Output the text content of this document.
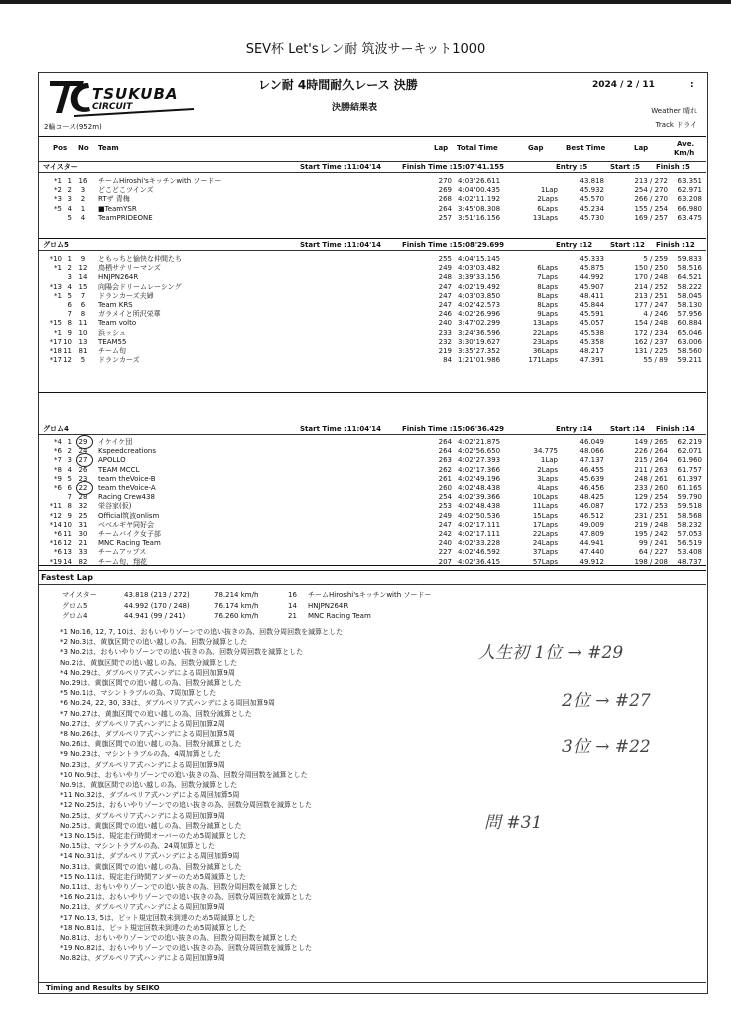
SEV杯 Let'sレン耐 筑波サーキット1000
TSUKUBA
CIRCUIT
2輪コース(952m)
レン耐 4時間耐久レース 決勝
決勝結果表
2024 / 2 / 11	:
Weather 晴れ
Track ドライ
Pos No Team	Lap Total Time	Gap	Best Time	Lap	Ave.
Km/h
マイスター	Start Time :11:04'14	Finish Time :15:07'41.155	Entry :5	Start :5 Finish :5
*1 1 16	チームHiroshi'sキッチンwith ソードー	270 4:03'26.611	43.818	213 / 272	63.351
*2 2	3	どこどこツインズ	269 4:04'00.435	1Lap	45.932	254 / 270	62.971
*3 3	2	RTザ 青梅	268 4:02'11.192	2Laps	45.570	266 / 270	63.208
*5 4	1	■TeamYSR	264 3:45'08.308	6Laps	45.234	155 / 254	66.980
5	4	TeamPRIDEONE	257 3:51'16.156	13Laps	45.730	169 / 257	63.475
グロム5	Start Time :11:04'14	Finish Time :15:08'29.699	Entry :12	Start :12 Finish :12
*10 1	9	ともっちと愉快な仲間たち	255 4:04'15.145	45.333	5 / 259	59.833
*1 2 12	鳥栖サテリーマンズ	249 4:03'03.482	6Laps	45.875	150 / 250	58.516
3 14	HNJPN264R	248 3:39'33.156	7Laps	44.992	170 / 248	64.521
*13 4 15	向陽会ドリームレーシング	247 4:02'19.492	8Laps	45.907	214 / 252	58.222
*1 5	7	ドランカーズ夫婦	247 4:03'03.850	8Laps	48.411	213 / 251	58.045
6	6	Team KRS	247 4:02'42.573	8Laps	45.844	177 / 247	58.130
7	8	ガラメイと所沢栄華	246 4:02'26.996	9Laps	45.591	4 / 246	57.956
*15 8 11	Team volto	240 3:47'02.299	13Laps	45.057	154 / 248	60.884
*1 9 10	浜ッシュ	233 3:24'36.596	22Laps	45.538	172 / 234	65.046
*17 10 13	TEAM55	232 3:30'19.627	23Laps	45.358	162 / 237	63.006
*18 11 81	チーム旬	219 3:35'27.352	36Laps	48.217	131 / 225	58.560
*17 12	5	ドランカーズ	84 1:21'01.986	171Laps	47.391	55 / 89	59.211
グロム4	Start Time :11:04'14	Finish Time :15:06'36.429	Entry :14	Start :14 Finish :14
*4 1 29	イケイケ団	264 4:02'21.875	46.049	149 / 265	62.219
*6 2 24	Kspeedcreations	264 4:02'56.650	34.775	48.066	226 / 264	62.071
*7 3 27	APOLLO	263 4:02'27.393	1Lap	47.137	215 / 264	61.960
*8 4 26	TEAM MCCL	262 4:02'17.366	2Laps	46.455	211 / 263	61.757
*9 5 23	team theVoice-B	261 4:02'49.196	3Laps	45.639	248 / 261	61.397
*6 6 22	team theVoice-A	260 4:02'48.438	4Laps	46.456	233 / 260	61.165
7 28	Racing Crew438	254 4:02'39.366	10Laps	48.425	129 / 254	59.790
*11 8 32	栄谷家(仮)	253 4:02'48.438	11Laps	46.087	172 / 253	59.518
*12 9 25	Official筑波onlism	249 4:02'50.536	15Laps	46.512	231 / 251	58.568
*14 10 31	ベベルギヤ同好会	247 4:02'17.111	17Laps	49.009	219 / 248	58.232
*6 11 30	チームバイク女子部	242 4:02'17.111	22Laps	47.809	195 / 242	57.053
*16 12 21	MNC Racing Team	240 4:02'33.228	24Laps	44.941	99 / 241	56.519
*6 13 33	チームアップス	227 4:02'46.592	37Laps	47.440	64 / 227	53.408
*19 14 82	チーム旬、翔花	207 4:02'36.415	57Laps	49.912	198 / 208	48.737
Fastest Lap
マイスター	43.818 (213 / 272)	78.214 km/h	16 チームHiroshi'sキッチンwith ソードー
グロム5	44.992 (170 / 248)	76.174 km/h	14 HNJPN264R
グロム4	44.941 (99 / 241)	76.260 km/h	21 MNC Racing Team
*1 No.16, 12, 7, 10は、おもいやりゾーンでの追い抜きの為、回数分周回数を減算とした
*2 No.3は、黄旗区間での追い越しの為、回数分減算とした
*3 No.2は、おもいやりゾーンでの追い抜きの為、回数分周回数を減算とした
No.2は、黄旗区間での追い越しの為、回数分減算とした
*4 No.29は、ダブルペリア式ハンデによる周回加算9周
No.29は、黄旗区間での追い越しの為、回数分減算とした
*5 No.1は、マシントラブルの為、7周加算とした
*6 No.24, 22, 30, 33は、ダブルペリア式ハンデによる周回加算9周
*7 No.27は、黄旗区間での追い越しの為、回数分減算とした
No.27は、ダブルペリア式ハンデによる周回加算2周
*8 No.26は、ダブルペリア式ハンデによる周回加算5周
No.26は、黄旗区間での追い越しの為、回数分減算とした
*9 No.23は、マシントラブルの為、4周加算とした
No.23は、ダブルペリア式ハンデによる周回加算9周
*10 No.9は、おもいやりゾーンでの追い抜きの為、回数分周回数を減算とした
No.9は、黄旗区間での追い越しの為、回数分減算とした
*11 No.32は、ダブルペリア式ハンデによる周回加算5周
*12 No.25は、おもいやりゾーンでの追い抜きの為、回数分周回数を減算とした
No.25は、ダブルペリア式ハンデによる周回加算9周
No.25は、黄旗区間での追い越しの為、回数分減算とした
*13 No.15は、規定走行時間オーバーのため5周減算とした
No.15は、マシントラブルの為、24周加算とした
*14 No.31は、ダブルペリア式ハンデによる周回加算9周
No.31は、黄旗区間での追い越しの為、回数分減算とした
*15 No.11は、規定走行時間アンダーのため5周減算とした
No.11は、おもいやりゾーンでの追い抜きの為、回数分周回数を減算とした
*16 No.21は、おもいやりゾーンでの追い抜きの為、回数分周回数を減算とした
No.21は、ダブルペリア式ハンデによる周回加算9周
*17 No.13, 5は、ピット規定回数未到達のため5周減算とした
*18 No.81は、ピット規定回数未到達のため5周減算とした
No.81は、おもいやりゾーンでの追い抜きの為、回数分周回数を減算とした
*19 No.82は、おもいやりゾーンでの追い抜きの為、回数分周回数を減算とした
No.82は、ダブルペリア式ハンデによる周回加算9周
Timing and Results by SEIKO
人生初 1位 → #29
2位 → #27
3位 → #22
問 #31
